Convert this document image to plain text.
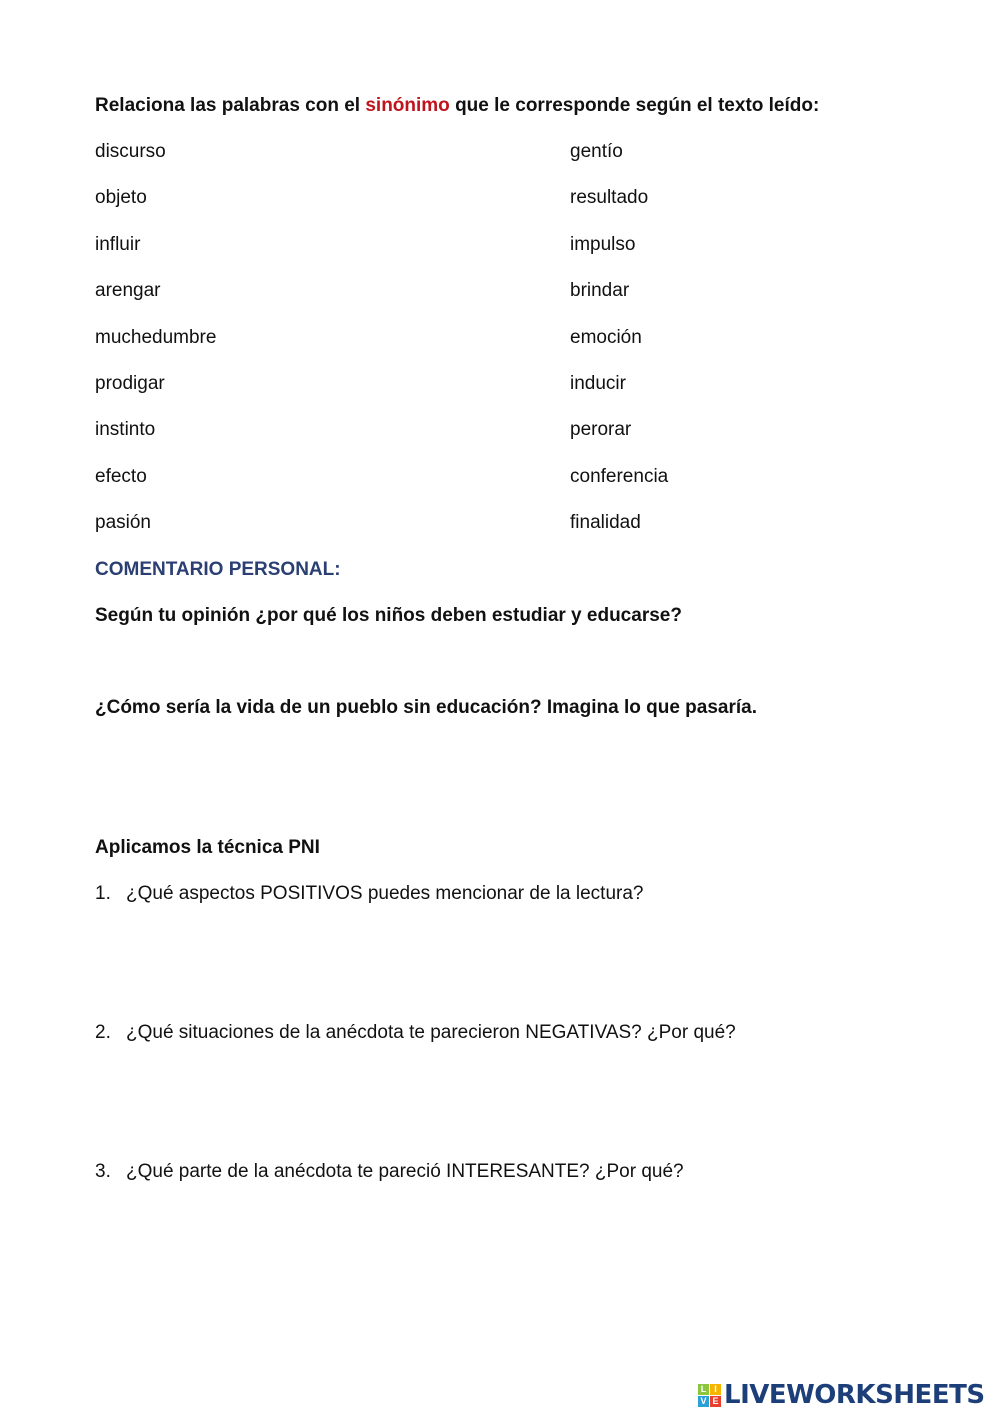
Relaciona las palabras con el sinónimo que le corresponde según el texto leído:
discurso	gentío
objeto	resultado
influir	impulso
arengar	brindar
muchedumbre	emoción
prodigar	inducir
instinto	perorar
efecto	conferencia
pasión	finalidad
COMENTARIO PERSONAL:
Según tu opinión ¿por qué los niños deben estudiar y educarse?
¿Cómo sería la vida de un pueblo sin educación? Imagina lo que pasaría.
Aplicamos la técnica PNI
1. ¿Qué aspectos POSITIVOS puedes mencionar de la lectura?
2. ¿Qué situaciones de la anécdota te parecieron NEGATIVAS? ¿Por qué?
3. ¿Qué parte de la anécdota te pareció INTERESANTE? ¿Por qué?
L I
V E LIVEWORKSHEETS
